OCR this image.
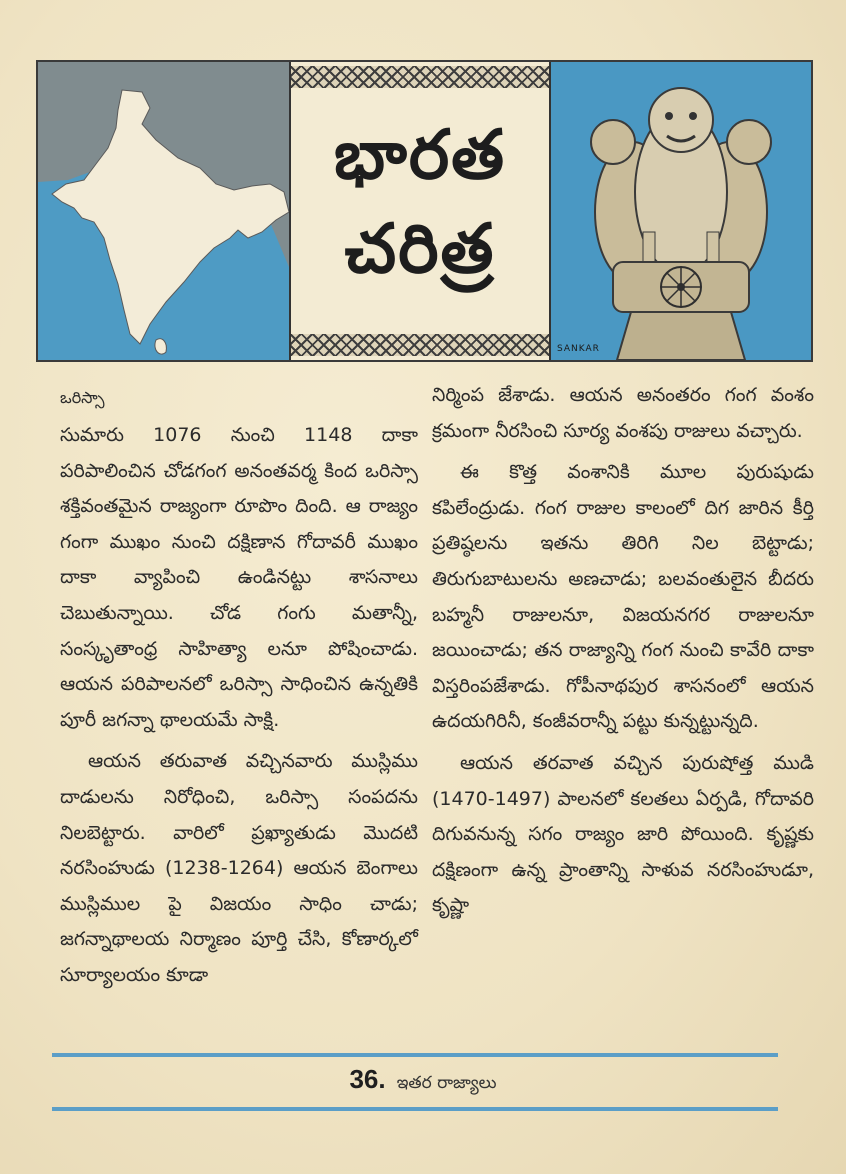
భారత
చరిత్ర
SANKAR

ఒరిస్సా

సుమారు 1076 నుంచి 1148 దాకా పరిపాలించిన చోడగంగ అనంతవర్మ కింద ఒరిస్సా శక్తివంతమైన రాజ్యంగా రూపొం దింది. ఆ రాజ్యం గంగా ముఖం నుంచి దక్షిణాన గోదావరీ ముఖం దాకా వ్యాపించి ఉండినట్టు శాసనాలు చెబుతున్నాయి. చోడ గంగు మతాన్నీ, సంస్కృతాంధ్ర సాహిత్యా లనూ పోషించాడు. ఆయన పరిపాలనలో ఒరిస్సా సాధించిన ఉన్నతికి పూరీ జగన్నా థాలయమే సాక్షి.

ఆయన తరువాత వచ్చినవారు ముస్లిము దాడులను నిరోధించి, ఒరిస్సా సంపదను నిలబెట్టారు. వారిలో ప్రఖ్యాతుడు మొదటి నరసింహుడు (1238-1264) ఆయన బెంగాలు ముస్లిముల పై విజయం సాధిం చాడు; జగన్నాథాలయ నిర్మాణం పూర్తి చేసి, కోణార్కలో సూర్యాలయం కూడా

నిర్మింప జేశాడు. ఆయన అనంతరం గంగ వంశం క్రమంగా నీరసించి సూర్య వంశపు రాజులు వచ్చారు.

ఈ కొత్త వంశానికి మూల పురుషుడు కపిలేంద్రుడు. గంగ రాజుల కాలంలో దిగ జారిన కీర్తి ప్రతిష్ఠలను ఇతను తిరిగి నిల బెట్టాడు; తిరుగుబాటులను అణచాడు; బలవంతులైన బీదరు బహ్మనీ రాజులనూ, విజయనగర రాజులనూ జయించాడు; తన రాజ్యాన్ని గంగ నుంచి కావేరి దాకా విస్తరింపజేశాడు. గోపీనాథపుర శాసనంలో ఆయన ఉదయగిరినీ, కంజీవరాన్నీ పట్టు కున్నట్టున్నది.

ఆయన తరవాత వచ్చిన పురుషోత్త ముడి (1470-1497) పాలనలో కలతలు ఏర్పడి, గోదావరి దిగువనున్న సగం రాజ్యం జారి పోయింది. కృష్ణకు దక్షిణంగా ఉన్న ప్రాంతాన్ని సాళువ నరసింహుడూ, కృష్ణా

36. ఇతర రాజ్యాలు
